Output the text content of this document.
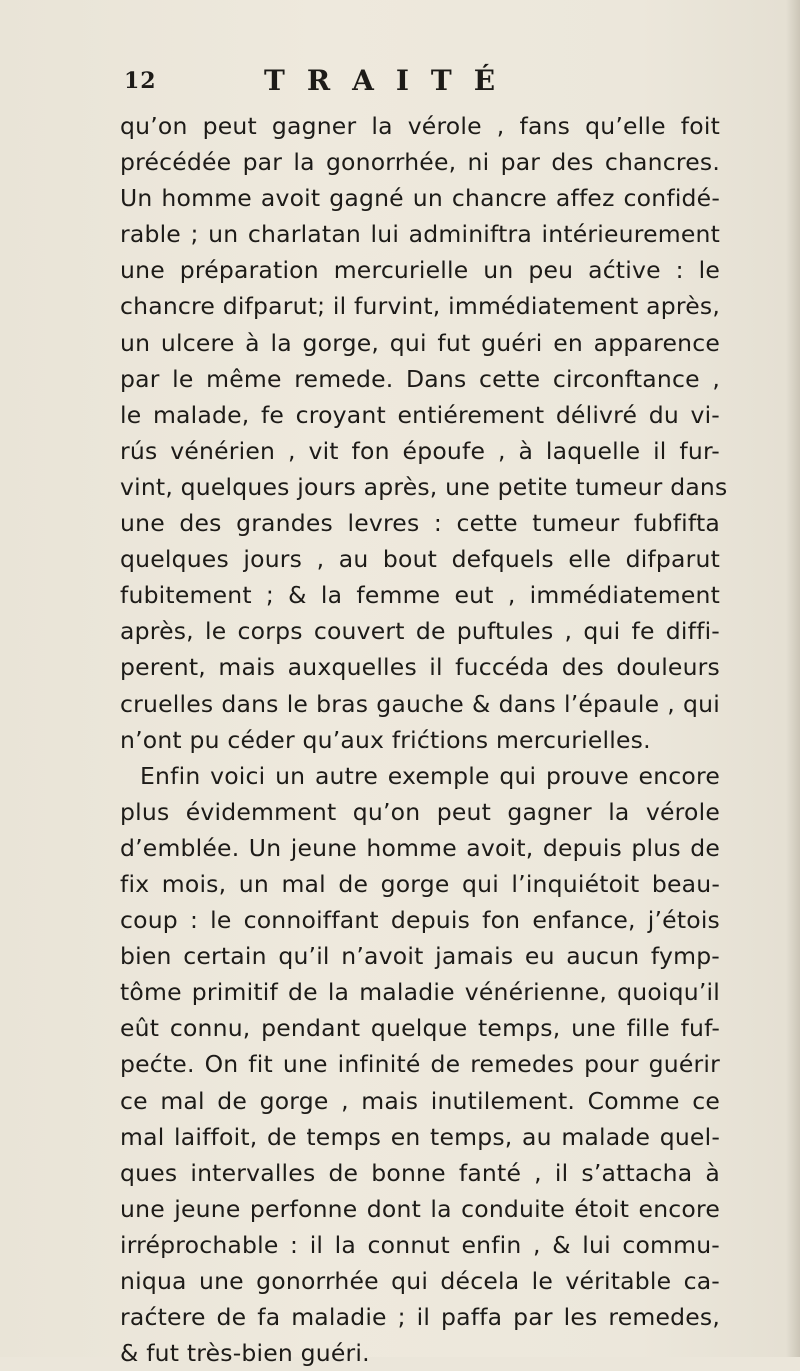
12	TRAITÉ
qu’on peut gagner la vérole , fans qu’elle foit
précédée par la gonorrhée, ni par des chancres.
Un homme avoit gagné un chancre affez confidé-
rable ; un charlatan lui adminiftra intérieurement
une préparation mercurielle un peu aćtive : le
chancre difparut; il furvint, immédiatement après,
un ulcere à la gorge, qui fut guéri en apparence
par le même remede. Dans cette circonftance ,
le malade, fe croyant entiérement délivré du vi-
rús vénérien , vit fon époufe , à laquelle il fur-
vint, quelques jours après, une petite tumeur dans
une des grandes levres : cette tumeur fubfifta
quelques jours , au bout defquels elle difparut
fubitement ; & la femme eut , immédiatement
après, le corps couvert de puftules , qui fe diffi-
perent, mais auxquelles il fuccéda des douleurs
cruelles dans le bras gauche & dans l’épaule , qui
n’ont pu céder qu’aux frićtions mercurielles.
Enfin voici un autre exemple qui prouve encore
plus évidemment qu’on peut gagner la vérole
d’emblée. Un jeune homme avoit, depuis plus de
fix mois, un mal de gorge qui l’inquiétoit beau-
coup : le connoiffant depuis fon enfance, j’étois
bien certain qu’il n’avoit jamais eu aucun fymp-
tôme primitif de la maladie vénérienne, quoiqu’il
eût connu, pendant quelque temps, une fille fuf-
pećte. On fit une infinité de remedes pour guérir
ce mal de gorge , mais inutilement. Comme ce
mal laiffoit, de temps en temps, au malade quel-
ques intervalles de bonne fanté , il s’attacha à
une jeune perfonne dont la conduite étoit encore
irréprochable : il la connut enfin , & lui commu-
niqua une gonorrhée qui décela le véritable ca-
raćtere de fa maladie ; il paffa par les remedes,
& fut très-bien guéri.
